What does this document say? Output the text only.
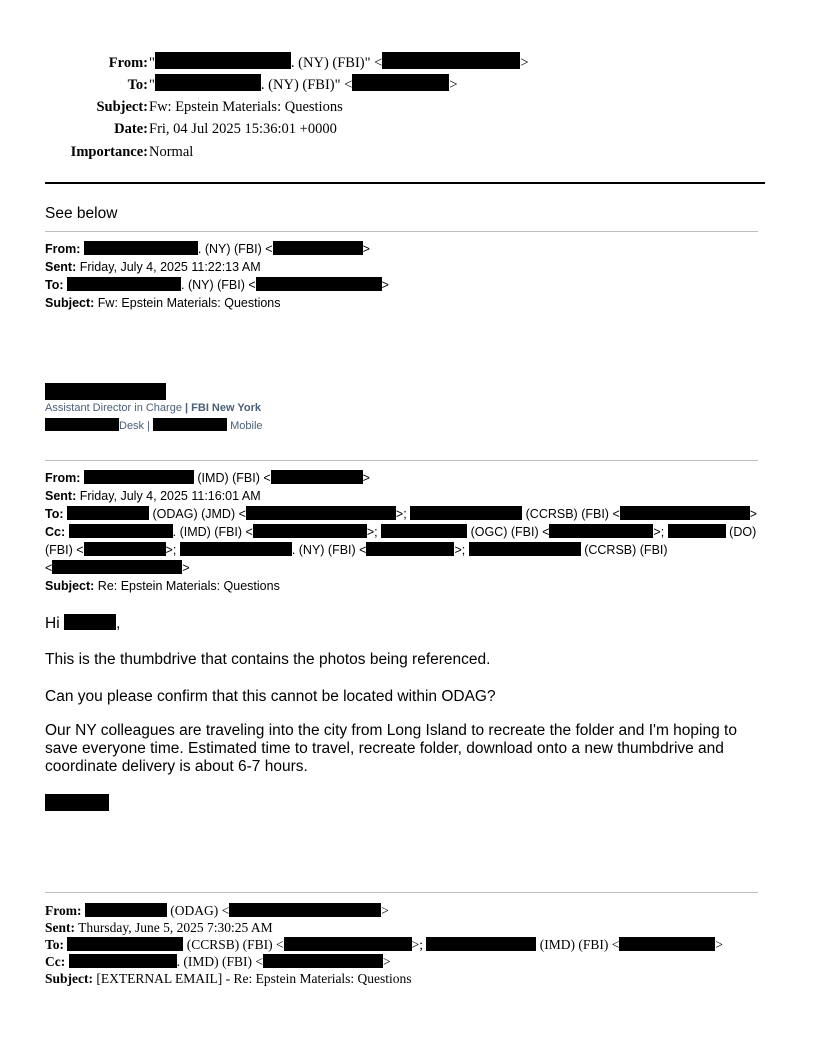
From: "	. (NY) (FBI)" <	>
To: "	. (NY) (FBI)" <	>
Subject: Fw: Epstein Materials: Questions
Date: Fri, 04 Jul 2025 15:36:01 +0000
Importance: Normal
See below
From:	. (NY) (FBI) <	>
Sent: Friday, July 4, 2025 11:22:13 AM
To:	. (NY) (FBI) <	>
Subject: Fw: Epstein Materials: Questions
Assistant Director in Charge | FBI New York
Desk |	Mobile
From:	(IMD) (FBI) <	>
Sent: Friday, July 4, 2025 11:16:01 AM
To:	(ODAG) (JMD) <	>;	(CCRSB) (FBI) <	>
Cc:	. (IMD) (FBI) <	>;	(OGC) (FBI) <	>;	(DO)
(FBI) <	>;	. (NY) (FBI) <	>;	(CCRSB) (FBI)
<	>
Subject: Re: Epstein Materials: Questions
Hi	,
This is the thumbdrive that contains the photos being referenced.
Can you please confirm that this cannot be located within ODAG?
Our NY colleagues are traveling into the city from Long Island to recreate the folder and I'm hoping to
save everyone time. Estimated time to travel, recreate folder, download onto a new thumbdrive and
coordinate delivery is about 6-7 hours.
From:	(ODAG) <	>
Sent: Thursday, June 5, 2025 7:30:25 AM
To:	(CCRSB) (FBI) <	>;	(IMD) (FBI) <	>
Cc:	. (IMD) (FBI) <	>
Subject: [EXTERNAL EMAIL] - Re: Epstein Materials: Questions
